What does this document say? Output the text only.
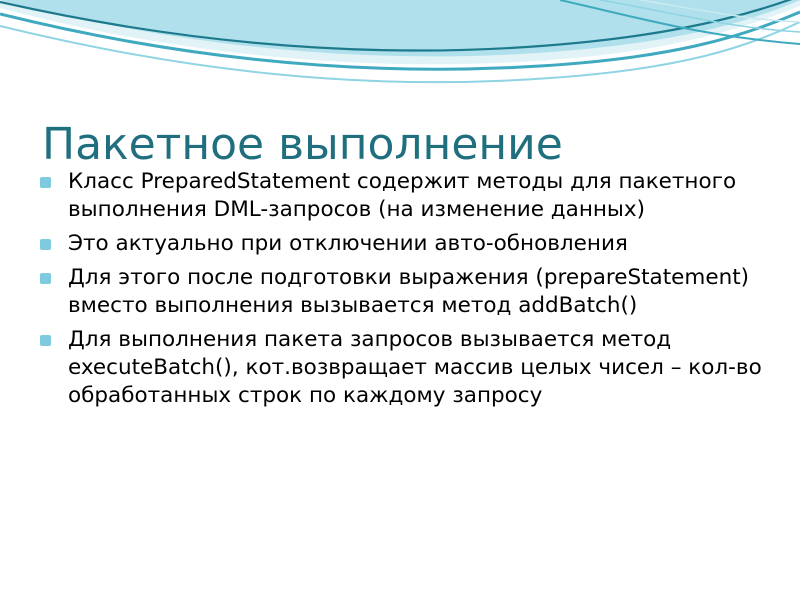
Пакетное выполнение
Класс PreparedStatement содержит методы для пакетного выполнения DML-запросов (на изменение данных)
Это актуально при отключении авто-обновления
Для этого после подготовки выражения (prepareStatement) вместо выполнения вызывается метод addBatch()
Для выполнения пакета запросов вызывается метод executeBatch(), кот.возвращает массив целых чисел – кол-во обработанных строк по каждому запросу
